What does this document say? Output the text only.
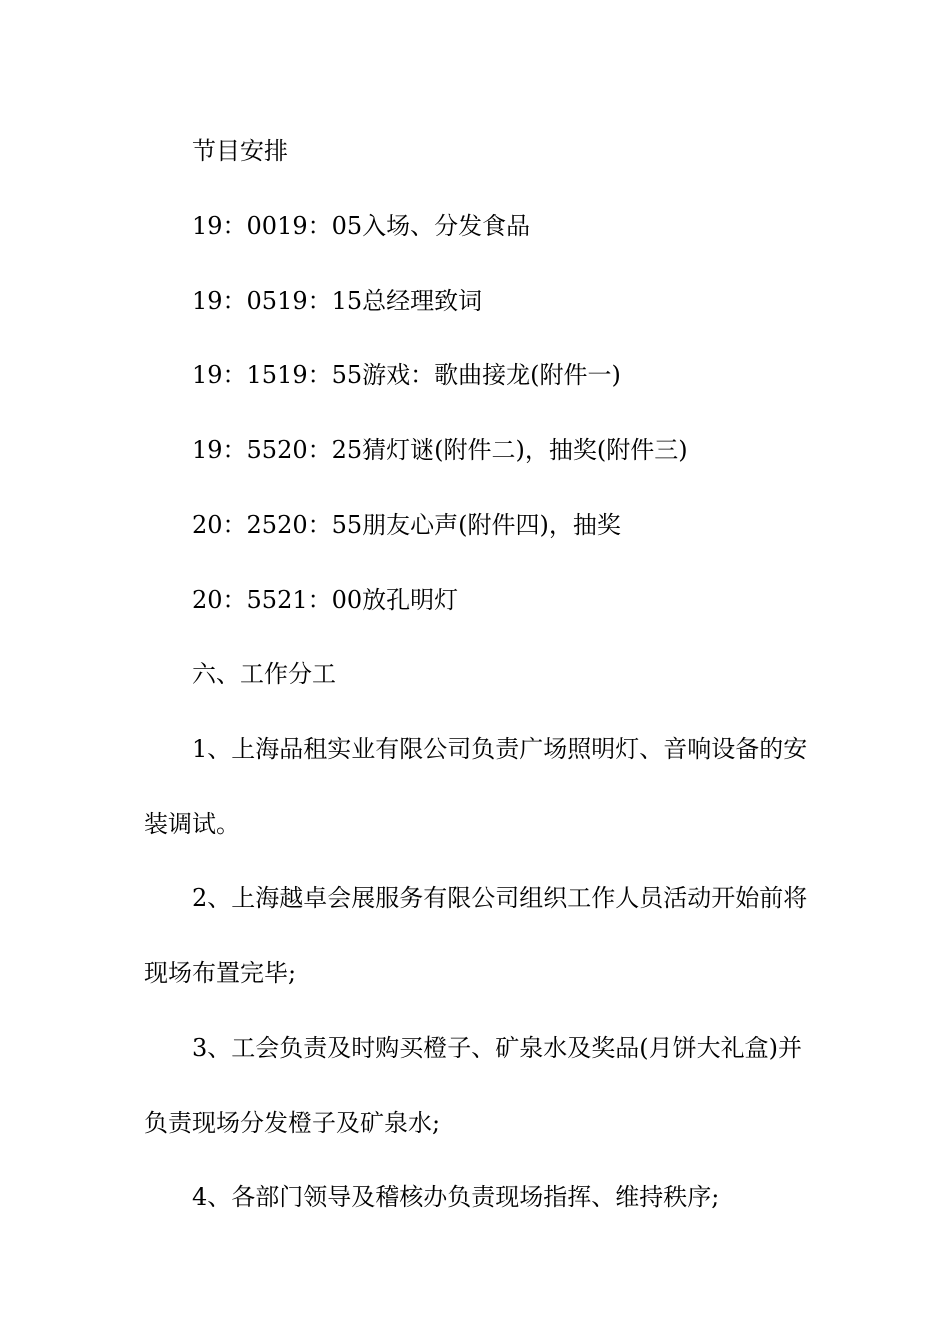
节目安排
19：0019：05入场、分发食品
19：0519：15总经理致词
19：1519：55游戏：歌曲接龙(附件一)
19：5520：25猜灯谜(附件二)，抽奖(附件三)
20：2520：55朋友心声(附件四)，抽奖
20：5521：00放孔明灯
六、工作分工
1、上海品租实业有限公司负责广场照明灯、音响设备的安
装调试。
2、上海越卓会展服务有限公司组织工作人员活动开始前将
现场布置完毕;
3、工会负责及时购买橙子、矿泉水及奖品(月饼大礼盒)并
负责现场分发橙子及矿泉水;
4、各部门领导及稽核办负责现场指挥、维持秩序;
